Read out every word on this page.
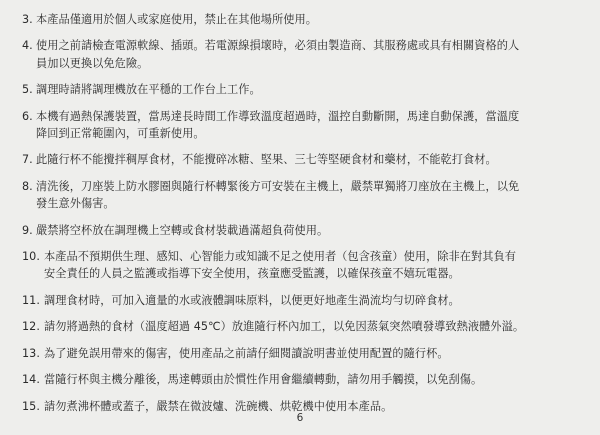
3. 本產品僅適用於個人或家庭使用，禁止在其他場所使用。
4. 使用之前請檢查電源軟線、插頭。若電源線損壞時，必須由製造商、其服務處或具有相關資格的人
員加以更換以免危險。
5. 調理時請將調理機放在平穩的工作台上工作。
6. 本機有過熱保護裝置，當馬達長時間工作導致溫度超過時，溫控自動斷開，馬達自動保護，當溫度
降回到正常範圍內，可重新使用。
7. 此隨行杯不能攪拌稠厚食材，不能攪碎冰糖、堅果、三七等堅硬食材和藥材，不能乾打食材。
8. 清洗後，刀座裝上防水膠圈與隨行杯轉緊後方可安裝在主機上，嚴禁單獨將刀座放在主機上，以免
發生意外傷害。
9. 嚴禁將空杯放在調理機上空轉或食材裝載過滿超負荷使用。
10. 本產品不預期供生理、感知、心智能力或知識不足之使用者（包含孩童）使用，除非在對其負有
安全責任的人員之監護或指導下安全使用，孩童應受監護，以確保孩童不嬉玩電器。
11. 調理食材時，可加入適量的水或液體調味原料，以便更好地產生渦流均勻切碎食材。
12. 請勿將過熱的食材（溫度超過 45℃）放進隨行杯內加工，以免因蒸氣突然噴發導致熱液體外溢。
13. 為了避免誤用帶來的傷害，使用產品之前請仔細閱讀說明書並使用配置的隨行杯。
14. 當隨行杯與主機分離後，馬達轉頭由於慣性作用會繼續轉動，請勿用手觸摸，以免刮傷。
15. 請勿煮沸杯體或蓋子，嚴禁在微波爐、洗碗機、烘乾機中使用本產品。
6
